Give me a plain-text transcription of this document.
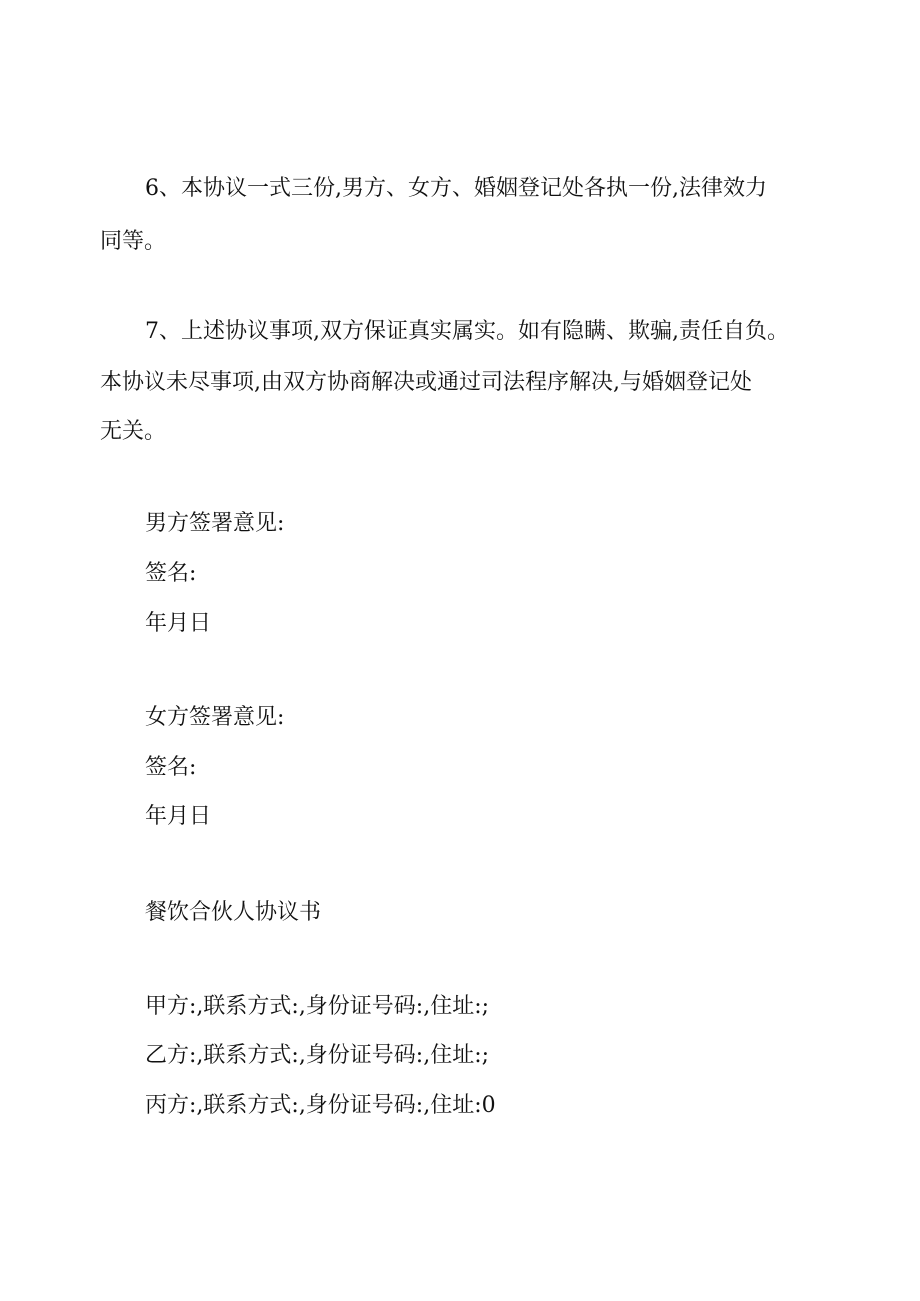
6、本协议一式三份,男方、女方、婚姻登记处各执一份,法律效力
同等。
7、上述协议事项,双方保证真实属实。如有隐瞒、欺骗,责任自负。
本协议未尽事项,由双方协商解决或通过司法程序解决,与婚姻登记处
无关。
男方签署意见:
签名:
年月日
女方签署意见:
签名:
年月日
餐饮合伙人协议书
甲方:,联系方式:,身份证号码:,住址:;
乙方:,联系方式:,身份证号码:,住址:;
丙方:,联系方式:,身份证号码:,住址:0
